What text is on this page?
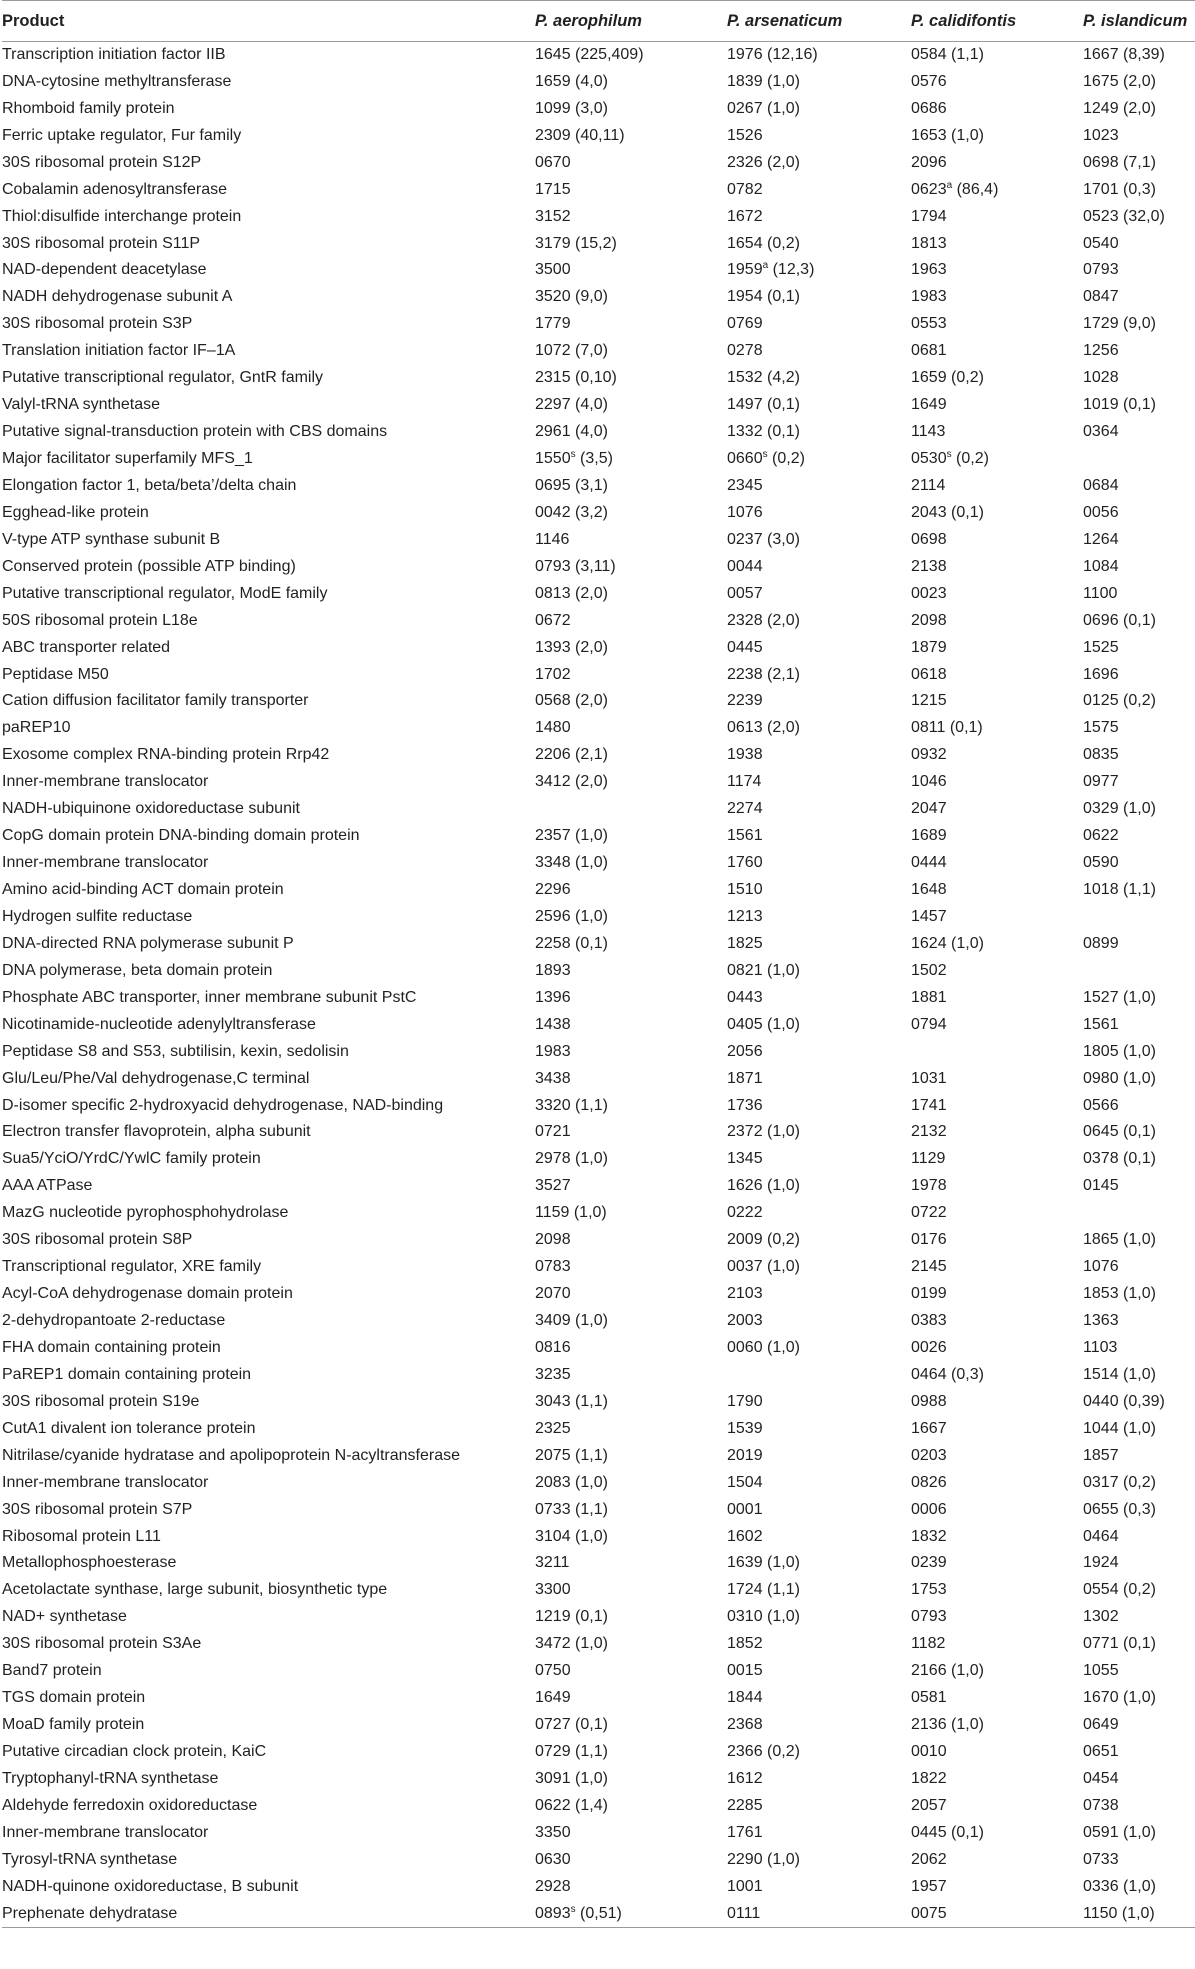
Product	P. aerophilum	P. arsenaticum	P. calidifontis	P. islandicum
Transcription initiation factor IIB	1645 (225,409)	1976 (12,16)	0584 (1,1)	1667 (8,39)
DNA-cytosine methyltransferase	1659 (4,0)	1839 (1,0)	0576	1675 (2,0)
Rhomboid family protein	1099 (3,0)	0267 (1,0)	0686	1249 (2,0)
Ferric uptake regulator, Fur family	2309 (40,11)	1526	1653 (1,0)	1023
30S ribosomal protein S12P	0670	2326 (2,0)	2096	0698 (7,1)
Cobalamin adenosyltransferase	1715	0782	0623$^a$ (86,4)	1701 (0,3)
Thiol:disulfide interchange protein	3152	1672	1794	0523 (32,0)
30S ribosomal protein S11P	3179 (15,2)	1654 (0,2)	1813	0540
NAD-dependent deacetylase	3500	1959$^a$ (12,3)	1963	0793
NADH dehydrogenase subunit A	3520 (9,0)	1954 (0,1)	1983	0847
30S ribosomal protein S3P	1779	0769	0553	1729 (9,0)
Translation initiation factor IF–1A	1072 (7,0)	0278	0681	1256
Putative transcriptional regulator, GntR family	2315 (0,10)	1532 (4,2)	1659 (0,2)	1028
Valyl-tRNA synthetase	2297 (4,0)	1497 (0,1)	1649	1019 (0,1)
Putative signal-transduction protein with CBS domains	2961 (4,0)	1332 (0,1)	1143	0364
Major facilitator superfamily MFS_1	1550$^s$ (3,5)	0660$^s$ (0,2)	0530$^s$ (0,2)	
Elongation factor 1, beta/beta’/delta chain	0695 (3,1)	2345	2114	0684
Egghead-like protein	0042 (3,2)	1076	2043 (0,1)	0056
V-type ATP synthase subunit B	1146	0237 (3,0)	0698	1264
Conserved protein (possible ATP binding)	0793 (3,11)	0044	2138	1084
Putative transcriptional regulator, ModE family	0813 (2,0)	0057	0023	1100
50S ribosomal protein L18e	0672	2328 (2,0)	2098	0696 (0,1)
ABC transporter related	1393 (2,0)	0445	1879	1525
Peptidase M50	1702	2238 (2,1)	0618	1696
Cation diffusion facilitator family transporter	0568 (2,0)	2239	1215	0125 (0,2)
paREP10	1480	0613 (2,0)	0811 (0,1)	1575
Exosome complex RNA-binding protein Rrp42	2206 (2,1)	1938	0932	0835
Inner-membrane translocator	3412 (2,0)	1174	1046	0977
NADH-ubiquinone oxidoreductase subunit		2274	2047	0329 (1,0)
CopG domain protein DNA-binding domain protein	2357 (1,0)	1561	1689	0622
Inner-membrane translocator	3348 (1,0)	1760	0444	0590
Amino acid-binding ACT domain protein	2296	1510	1648	1018 (1,1)
Hydrogen sulfite reductase	2596 (1,0)	1213	1457	
DNA-directed RNA polymerase subunit P	2258 (0,1)	1825	1624 (1,0)	0899
DNA polymerase, beta domain protein	1893	0821 (1,0)	1502	
Phosphate ABC transporter, inner membrane subunit PstC	1396	0443	1881	1527 (1,0)
Nicotinamide-nucleotide adenylyltransferase	1438	0405 (1,0)	0794	1561
Peptidase S8 and S53, subtilisin, kexin, sedolisin	1983	2056		1805 (1,0)
Glu/Leu/Phe/Val dehydrogenase,C terminal	3438	1871	1031	0980 (1,0)
D-isomer specific 2-hydroxyacid dehydrogenase, NAD-binding	3320 (1,1)	1736	1741	0566
Electron transfer flavoprotein, alpha subunit	0721	2372 (1,0)	2132	0645 (0,1)
Sua5/YciO/YrdC/YwlC family protein	2978 (1,0)	1345	1129	0378 (0,1)
AAA ATPase	3527	1626 (1,0)	1978	0145
MazG nucleotide pyrophosphohydrolase	1159 (1,0)	0222	0722	
30S ribosomal protein S8P	2098	2009 (0,2)	0176	1865 (1,0)
Transcriptional regulator, XRE family	0783	0037 (1,0)	2145	1076
Acyl-CoA dehydrogenase domain protein	2070	2103	0199	1853 (1,0)
2-dehydropantoate 2-reductase	3409 (1,0)	2003	0383	1363
FHA domain containing protein	0816	0060 (1,0)	0026	1103
PaREP1 domain containing protein	3235		0464 (0,3)	1514 (1,0)
30S ribosomal protein S19e	3043 (1,1)	1790	0988	0440 (0,39)
CutA1 divalent ion tolerance protein	2325	1539	1667	1044 (1,0)
Nitrilase/cyanide hydratase and apolipoprotein N-acyltransferase	2075 (1,1)	2019	0203	1857
Inner-membrane translocator	2083 (1,0)	1504	0826	0317 (0,2)
30S ribosomal protein S7P	0733 (1,1)	0001	0006	0655 (0,3)
Ribosomal protein L11	3104 (1,0)	1602	1832	0464
Metallophosphoesterase	3211	1639 (1,0)	0239	1924
Acetolactate synthase, large subunit, biosynthetic type	3300	1724 (1,1)	1753	0554 (0,2)
NAD+ synthetase	1219 (0,1)	0310 (1,0)	0793	1302
30S ribosomal protein S3Ae	3472 (1,0)	1852	1182	0771 (0,1)
Band7 protein	0750	0015	2166 (1,0)	1055
TGS domain protein	1649	1844	0581	1670 (1,0)
MoaD family protein	0727 (0,1)	2368	2136 (1,0)	0649
Putative circadian clock protein, KaiC	0729 (1,1)	2366 (0,2)	0010	0651
Tryptophanyl-tRNA synthetase	3091 (1,0)	1612	1822	0454
Aldehyde ferredoxin oxidoreductase	0622 (1,4)	2285	2057	0738
Inner-membrane translocator	3350	1761	0445 (0,1)	0591 (1,0)
Tyrosyl-tRNA synthetase	0630	2290 (1,0)	2062	0733
NADH-quinone oxidoreductase, B subunit	2928	1001	1957	0336 (1,0)
Prephenate dehydratase	0893$^s$ (0,51)	0111	0075	1150 (1,0)
